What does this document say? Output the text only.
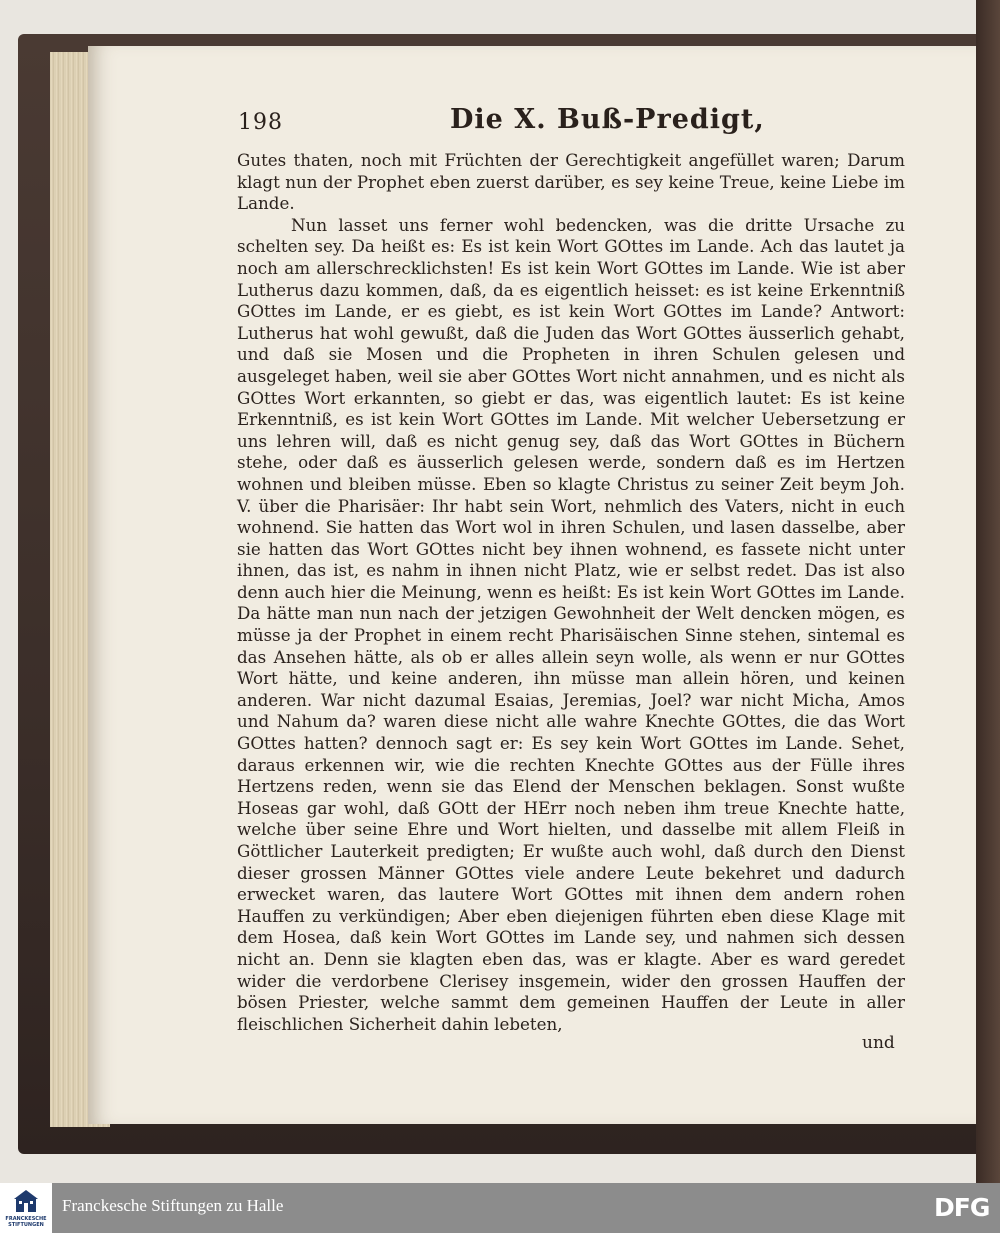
198	Die X. Buß-Predigt,

Gutes thaten, noch mit Früchten der Gerechtigkeit angefüllet waren; Darum klagt nun der Prophet eben zuerst darüber, es sey keine Treue, keine Liebe im Lande.

Nun lasset uns ferner wohl bedencken, was die dritte Ursache zu schelten sey. Da heißt es: Es ist kein Wort GOttes im Lande. Ach das lautet ja noch am allerschrecklichsten! Es ist kein Wort GOttes im Lande. Wie ist aber Lutherus dazu kommen, daß, da es eigentlich heisset: es ist keine Erkenntniß GOttes im Lande, er es giebt, es ist kein Wort GOttes im Lande? Antwort: Lutherus hat wohl gewußt, daß die Juden das Wort GOttes äusserlich gehabt, und daß sie Mosen und die Propheten in ihren Schulen gelesen und ausgeleget haben, weil sie aber GOttes Wort nicht annahmen, und es nicht als GOttes Wort erkannten, so giebt er das, was eigentlich lautet: Es ist keine Erkenntniß, es ist kein Wort GOttes im Lande. Mit welcher Uebersetzung er uns lehren will, daß es nicht genug sey, daß das Wort GOttes in Büchern stehe, oder daß es äusserlich gelesen werde, sondern daß es im Hertzen wohnen und bleiben müsse. Eben so klagte Christus zu seiner Zeit beym Joh. V. über die Pharisäer: Ihr habt sein Wort, nehmlich des Vaters, nicht in euch wohnend. Sie hatten das Wort wol in ihren Schulen, und lasen dasselbe, aber sie hatten das Wort GOttes nicht bey ihnen wohnend, es fassete nicht unter ihnen, das ist, es nahm in ihnen nicht Platz, wie er selbst redet. Das ist also denn auch hier die Meinung, wenn es heißt: Es ist kein Wort GOttes im Lande. Da hätte man nun nach der jetzigen Gewohnheit der Welt dencken mögen, es müsse ja der Prophet in einem recht Pharisäischen Sinne stehen, sintemal es das Ansehen hätte, als ob er alles allein seyn wolle, als wenn er nur GOttes Wort hätte, und keine anderen, ihn müsse man allein hören, und keinen anderen. War nicht dazumal Esaias, Jeremias, Joel? war nicht Micha, Amos und Nahum da? waren diese nicht alle wahre Knechte GOttes, die das Wort GOttes hatten? dennoch sagt er: Es sey kein Wort GOttes im Lande. Sehet, daraus erkennen wir, wie die rechten Knechte GOttes aus der Fülle ihres Hertzens reden, wenn sie das Elend der Menschen beklagen. Sonst wußte Hoseas gar wohl, daß GOtt der HErr noch neben ihm treue Knechte hatte, welche über seine Ehre und Wort hielten, und dasselbe mit allem Fleiß in Göttlicher Lauterkeit predigten; Er wußte auch wohl, daß durch den Dienst dieser grossen Männer GOttes viele andere Leute bekehret und dadurch erwecket waren, das lautere Wort GOttes mit ihnen dem andern rohen Hauffen zu verkündigen; Aber eben diejenigen führten eben diese Klage mit dem Hosea, daß kein Wort GOttes im Lande sey, und nahmen sich dessen nicht an. Denn sie klagten eben das, was er klagte. Aber es ward geredet wider die verdorbene Clerisey insgemein, wider den grossen Hauffen der bösen Priester, welche sammt dem gemeinen Hauffen der Leute in aller fleischlichen Sicherheit dahin lebeten,

und
FRANCKESCHE STIFTUNGEN
Franckesche Stiftungen zu Halle	DFG
